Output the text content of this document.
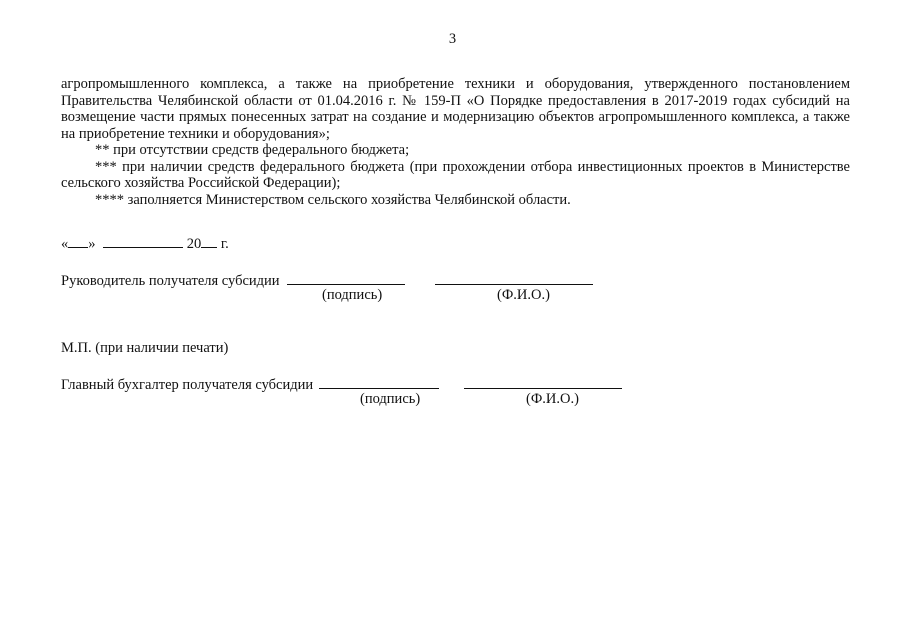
3

агропромышленного комплекса, а также на приобретение техники и оборудования, утвержденного постановлением Правительства Челябинской области от 01.04.2016 г. № 159-П «О Порядке предоставления в 2017-2019 годах субсидий на возмещение части прямых понесенных затрат на создание и модернизацию объектов агропромышленного комплекса, а также на приобретение техники и оборудования»;

** при отсутствии средств федерального бюджета;

*** при наличии средств федерального бюджета (при прохождении отбора инвестиционных проектов в Министерстве сельского хозяйства Российской Федерации);

**** заполняется Министерством сельского хозяйства Челябинской области.

« »	20 г.
Руководитель получателя субсидии
(подпись)	(Ф.И.О.)
М.П. (при наличии печати)
Главный бухгалтер получателя субсидии
(подпись)	(Ф.И.О.)
